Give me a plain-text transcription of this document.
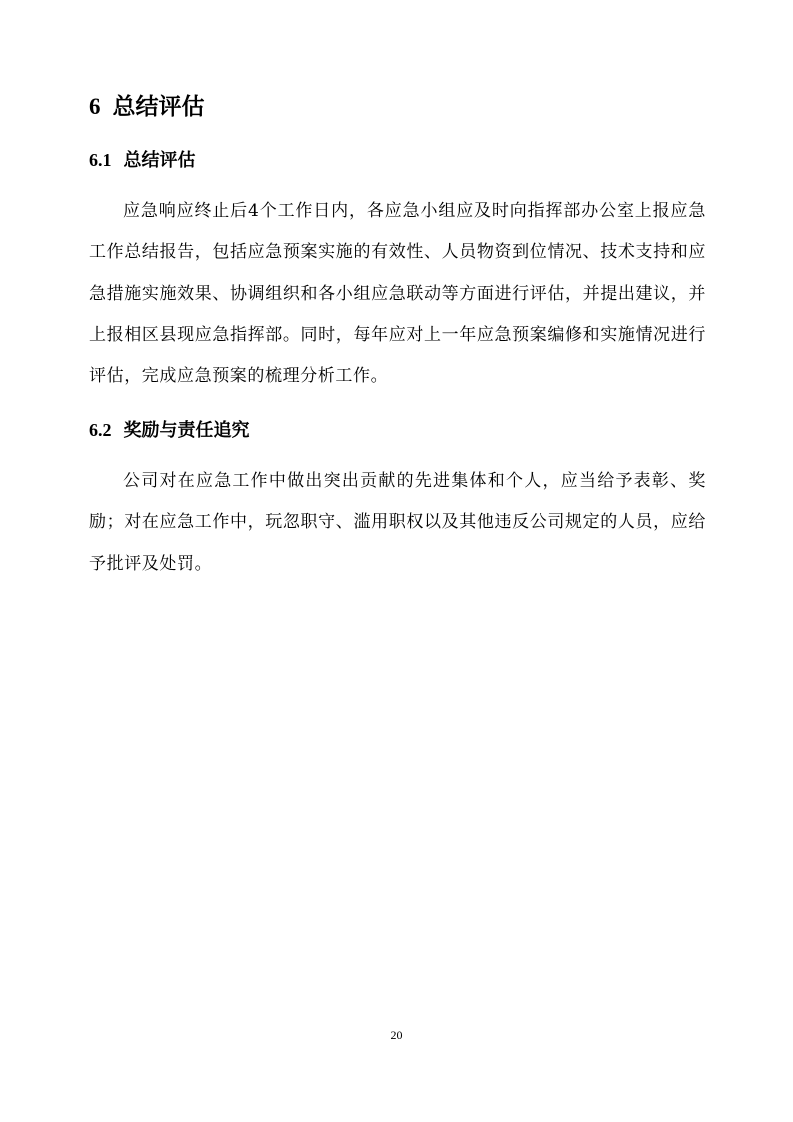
6 总结评估
6.1 总结评估

应急响应终止后4个工作日内，各应急小组应及时向指挥部办公室上报应急工作总结报告，包括应急预案实施的有效性、人员物资到位情况、技术支持和应急措施实施效果、协调组织和各小组应急联动等方面进行评估，并提出建议，并上报相区县现应急指挥部。同时，每年应对上一年应急预案编修和实施情况进行评估，完成应急预案的梳理分析工作。

6.2 奖励与责任追究

公司对在应急工作中做出突出贡献的先进集体和个人，应当给予表彰、奖励；对在应急工作中，玩忽职守、滥用职权以及其他违反公司规定的人员，应给予批评及处罚。

20
